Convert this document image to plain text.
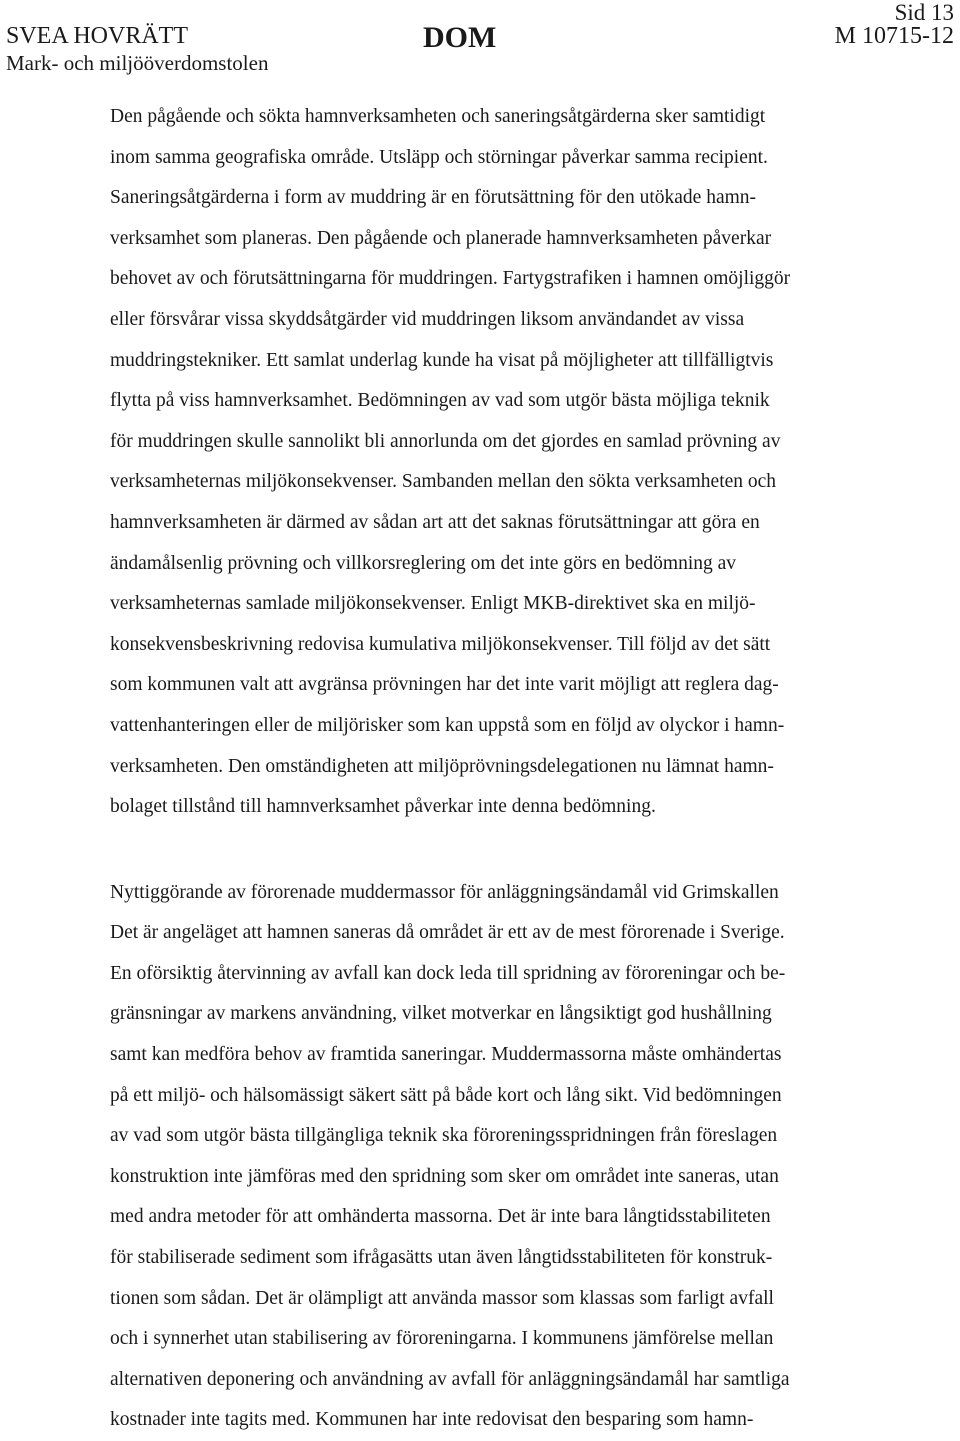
SVEA HOVRÄTT
Mark- och miljööverdomstolen
DOM
Sid 13
M 10715-12

Den pågående och sökta hamnverksamheten och saneringsåtgärderna sker samtidigt
inom samma geografiska område. Utsläpp och störningar påverkar samma recipient.
Saneringsåtgärderna i form av muddring är en förutsättning för den utökade hamn-
verksamhet som planeras. Den pågående och planerade hamnverksamheten påverkar
behovet av och förutsättningarna för muddringen. Fartygstrafiken i hamnen omöjliggör
eller försvårar vissa skyddsåtgärder vid muddringen liksom användandet av vissa
muddringstekniker. Ett samlat underlag kunde ha visat på möjligheter att tillfälligtvis
flytta på viss hamnverksamhet. Bedömningen av vad som utgör bästa möjliga teknik
för muddringen skulle sannolikt bli annorlunda om det gjordes en samlad prövning av
verksamheternas miljökonsekvenser. Sambanden mellan den sökta verksamheten och
hamnverksamheten är därmed av sådan art att det saknas förutsättningar att göra en
ändamålsenlig prövning och villkorsreglering om det inte görs en bedömning av
verksamheternas samlade miljökonsekvenser. Enligt MKB-direktivet ska en miljö-
konsekvensbeskrivning redovisa kumulativa miljökonsekvenser. Till följd av det sätt
som kommunen valt att avgränsa prövningen har det inte varit möjligt att reglera dag-
vattenhanteringen eller de miljörisker som kan uppstå som en följd av olyckor i hamn-
verksamheten. Den omständigheten att miljöprövningsdelegationen nu lämnat hamn-
bolaget tillstånd till hamnverksamhet påverkar inte denna bedömning.

Nyttiggörande av förorenade muddermassor för anläggningsändamål vid Grimskallen

Det är angeläget att hamnen saneras då området är ett av de mest förorenade i Sverige.
En oförsiktig återvinning av avfall kan dock leda till spridning av föroreningar och be-
gränsningar av markens användning, vilket motverkar en långsiktigt god hushållning
samt kan medföra behov av framtida saneringar. Muddermassorna måste omhändertas
på ett miljö- och hälsomässigt säkert sätt på både kort och lång sikt. Vid bedömningen
av vad som utgör bästa tillgängliga teknik ska föroreningsspridningen från föreslagen
konstruktion inte jämföras med den spridning som sker om området inte saneras, utan
med andra metoder för att omhänderta massorna. Det är inte bara långtidsstabiliteten
för stabiliserade sediment som ifrågasätts utan även långtidsstabiliteten för konstruk-
tionen som sådan. Det är olämpligt att använda massor som klassas som farligt avfall
och i synnerhet utan stabilisering av föroreningarna. I kommunens jämförelse mellan
alternativen deponering och användning av avfall för anläggningsändamål har samtliga
kostnader inte tagits med. Kommunen har inte redovisat den besparing som hamn-
